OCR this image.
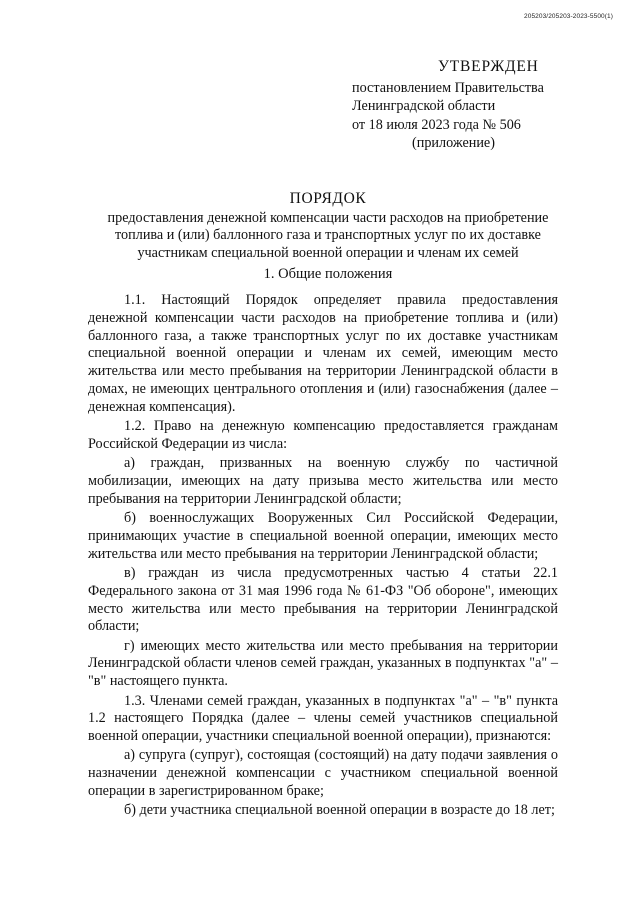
205203/205203-2023-5500(1)
УТВЕРЖДЕН
постановлением Правительства
Ленинградской области
от 18 июля 2023 года № 506
(приложение)
ПОРЯДОК
предоставления денежной компенсации части расходов на приобретение
топлива и (или) баллонного газа и транспортных услуг по их доставке
участникам специальной военной операции и членам их семей
1. Общие положения

1.1. Настоящий Порядок определяет правила предоставления денежной компенсации части расходов на приобретение топлива и (или) баллонного газа, а также транспортных услуг по их доставке участникам специальной военной операции и членам их семей, имеющим место жительства или место пребывания на территории Ленинградской области в домах, не имеющих центрального отопления и (или) газоснабжения (далее – денежная компенсация).

1.2. Право на денежную компенсацию предоставляется гражданам Российской Федерации из числа:

а) граждан, призванных на военную службу по частичной мобилизации, имеющих на дату призыва место жительства или место пребывания на территории Ленинградской области;

б) военнослужащих Вооруженных Сил Российской Федерации, принимающих участие в специальной военной операции, имеющих место жительства или место пребывания на территории Ленинградской области;

в) граждан из числа предусмотренных частью 4 статьи 22.1 Федерального закона от 31 мая 1996 года № 61-ФЗ "Об обороне", имеющих место жительства или место пребывания на территории Ленинградской области;

г) имеющих место жительства или место пребывания на территории Ленинградской области членов семей граждан, указанных в подпунктах "а" – "в" настоящего пункта.

1.3. Членами семей граждан, указанных в подпунктах "а" – "в" пункта 1.2 настоящего Порядка (далее – члены семей участников специальной военной операции, участники специальной военной операции), признаются:

а) супруга (супруг), состоящая (состоящий) на дату подачи заявления о назначении денежной компенсации с участником специальной военной операции в зарегистрированном браке;

б) дети участника специальной военной операции в возрасте до 18 лет;
